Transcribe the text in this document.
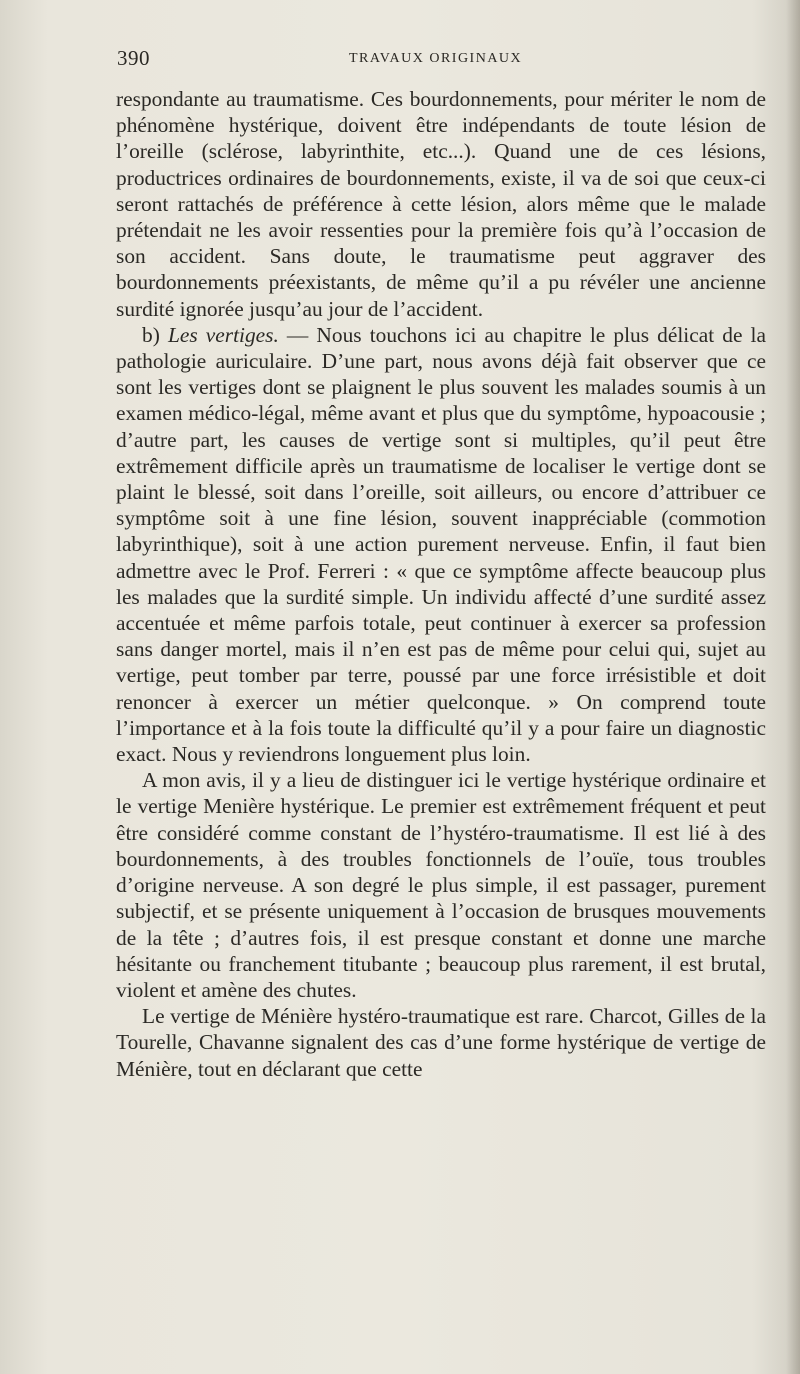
390	TRAVAUX ORIGINAUX

respondante au traumatisme. Ces bourdonnements, pour mériter le nom de phénomène hystérique, doivent être indépendants de toute lésion de l’oreille (sclérose, labyrinthite, etc...). Quand une de ces lésions, productrices ordinaires de bourdonnements, existe, il va de soi que ceux-ci seront rattachés de préférence à cette lésion, alors même que le malade prétendait ne les avoir ressenties pour la première fois qu’à l’occasion de son accident. Sans doute, le traumatisme peut aggraver des bourdonnements préexistants, de même qu’il a pu révéler une ancienne surdité ignorée jusqu’au jour de l’accident.

b) Les vertiges. — Nous touchons ici au chapitre le plus délicat de la pathologie auriculaire. D’une part, nous avons déjà fait observer que ce sont les vertiges dont se plaignent le plus souvent les malades soumis à un examen médico-légal, même avant et plus que du symptôme, hypoacousie ; d’autre part, les causes de vertige sont si multiples, qu’il peut être extrêmement difficile après un traumatisme de localiser le vertige dont se plaint le blessé, soit dans l’oreille, soit ailleurs, ou encore d’attribuer ce symptôme soit à une fine lésion, souvent inappréciable (commotion labyrinthique), soit à une action purement nerveuse. Enfin, il faut bien admettre avec le Prof. Ferreri : « que ce symptôme affecte beaucoup plus les malades que la surdité simple. Un individu affecté d’une surdité assez accentuée et même parfois totale, peut continuer à exercer sa profession sans danger mortel, mais il n’en est pas de même pour celui qui, sujet au vertige, peut tomber par terre, poussé par une force irrésistible et doit renoncer à exercer un métier quelconque. » On comprend toute l’importance et à la fois toute la difficulté qu’il y a pour faire un diagnostic exact. Nous y reviendrons longuement plus loin.

A mon avis, il y a lieu de distinguer ici le vertige hystérique ordinaire et le vertige Menière hystérique. Le premier est extrêmement fréquent et peut être considéré comme constant de l’hystéro-traumatisme. Il est lié à des bourdonnements, à des troubles fonctionnels de l’ouïe, tous troubles d’origine nerveuse. A son degré le plus simple, il est passager, purement subjectif, et se présente uniquement à l’occasion de brusques mouvements de la tête ; d’autres fois, il est presque constant et donne une marche hésitante ou franchement titubante ; beaucoup plus rarement, il est brutal, violent et amène des chutes.

Le vertige de Ménière hystéro-traumatique est rare. Charcot, Gilles de la Tourelle, Chavanne signalent des cas d’une forme hystérique de vertige de Ménière, tout en déclarant que cette
